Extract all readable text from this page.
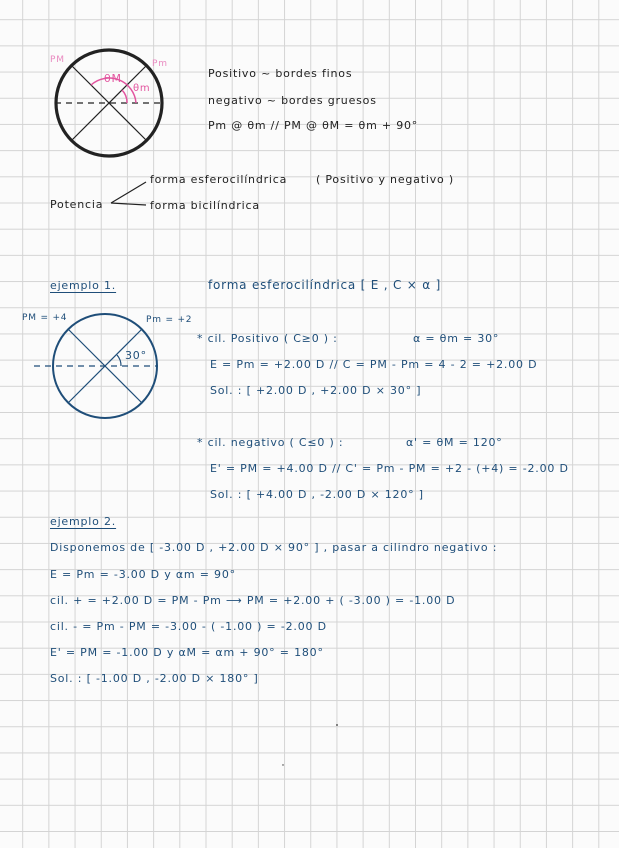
PM	Pm
θM
θm
Positivo ~ bordes finos
negativo ~ bordes gruesos
Pm @ θm // PM @ θM = θm + 90°
forma esferocilíndrica	( Positivo y negativo )
Potencia	forma bicilíndrica
ejemplo 1.	forma esferocilíndrica [ E , C × α ]
PM = +4	Pm = +2
30°
* cil. Positivo ( C≥0 ) :	α = θm = 30°
E = Pm = +2.00 D // C = PM - Pm = 4 - 2 = +2.00 D
Sol. : [ +2.00 D , +2.00 D × 30° ]
* cil. negativo ( C≤0 ) :	α' = θM = 120°
E' = PM = +4.00 D // C' = Pm - PM = +2 - (+4) = -2.00 D
Sol. : [ +4.00 D , -2.00 D × 120° ]
ejemplo 2.
Disponemos de [ -3.00 D , +2.00 D × 90° ] , pasar a cilindro negativo :
E = Pm = -3.00 D y αm = 90°
cil. + = +2.00 D = PM - Pm ⟶ PM = +2.00 + ( -3.00 ) = -1.00 D
cil. - = Pm - PM = -3.00 - ( -1.00 ) = -2.00 D
E' = PM = -1.00 D y αM = αm + 90° = 180°
Sol. : [ -1.00 D , -2.00 D × 180° ]
